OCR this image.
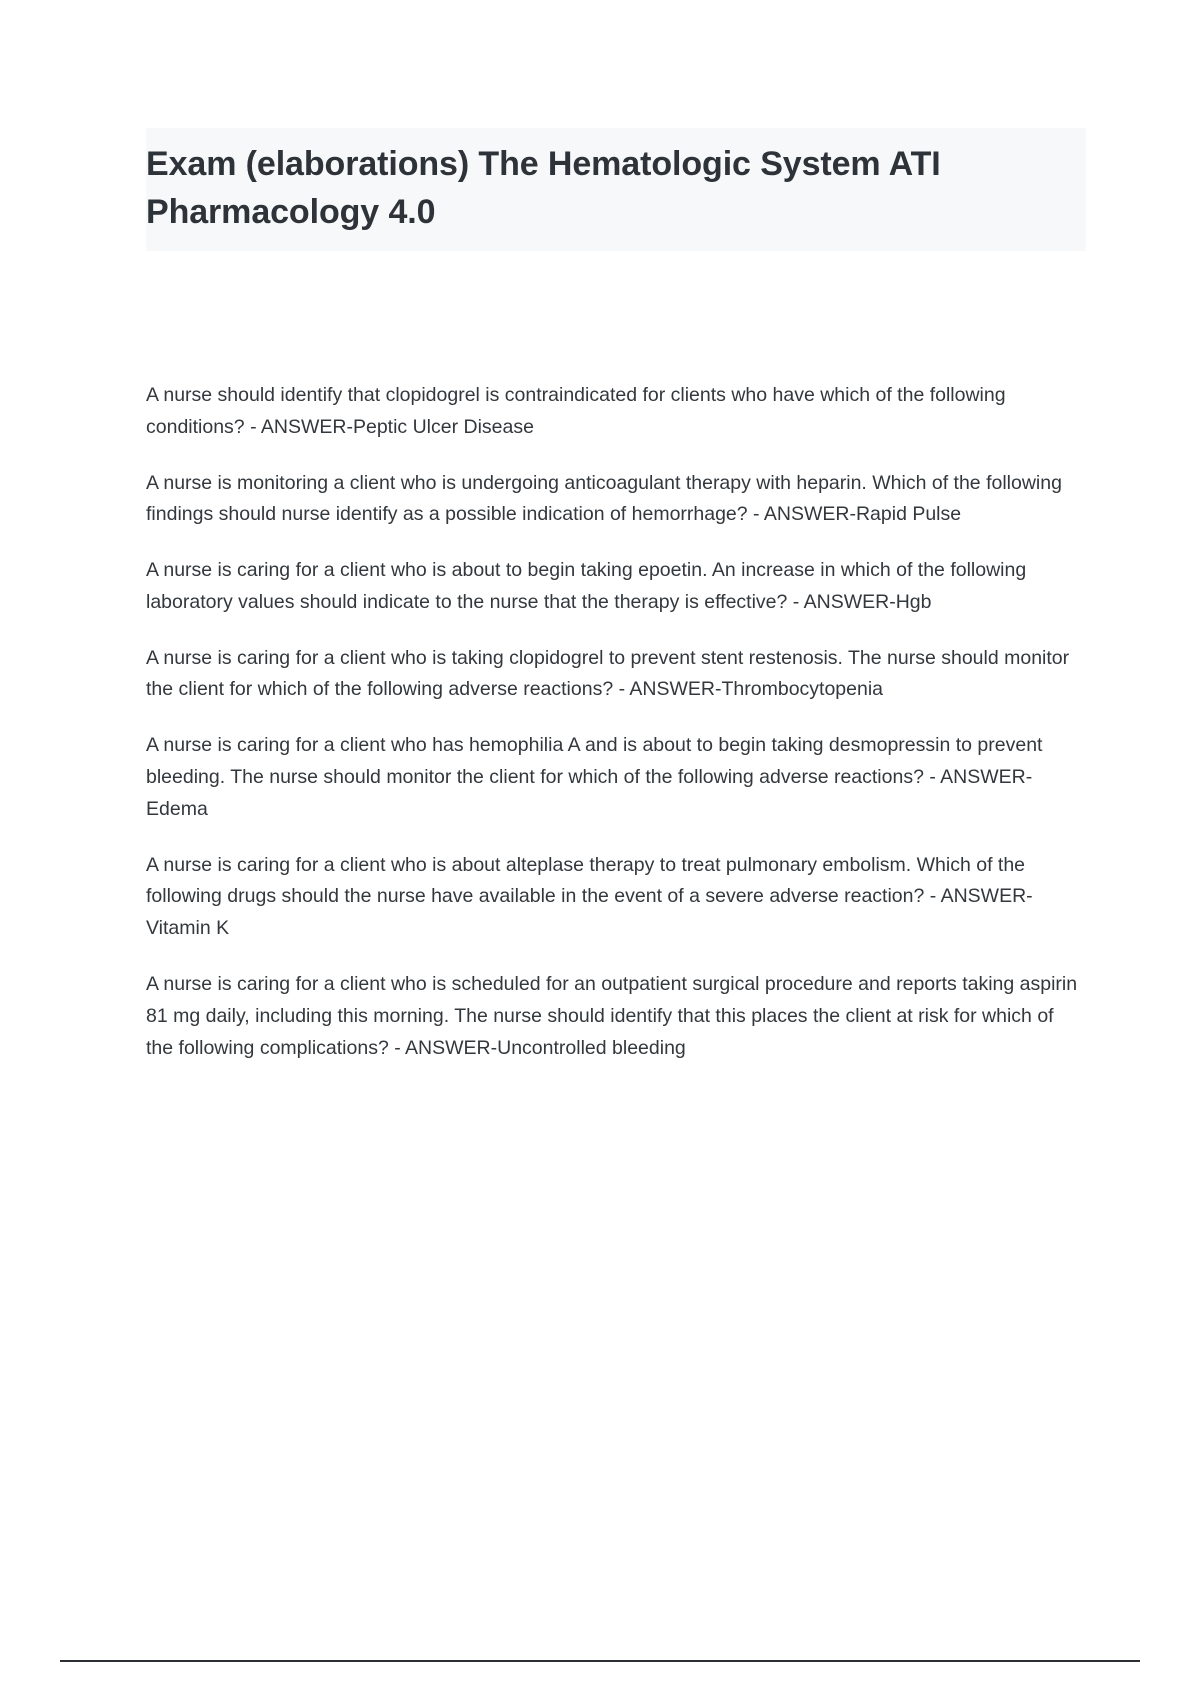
Exam (elaborations) The Hematologic System ATI Pharmacology 4.0

A nurse should identify that clopidogrel is contraindicated for clients who have which of the following conditions? - ANSWER-Peptic Ulcer Disease

A nurse is monitoring a client who is undergoing anticoagulant therapy with heparin. Which of the following findings should nurse identify as a possible indication of hemorrhage? - ANSWER-Rapid Pulse

A nurse is caring for a client who is about to begin taking epoetin. An increase in which of the following laboratory values should indicate to the nurse that the therapy is effective? - ANSWER-Hgb

A nurse is caring for a client who is taking clopidogrel to prevent stent restenosis. The nurse should monitor the client for which of the following adverse reactions? - ANSWER-Thrombocytopenia

A nurse is caring for a client who has hemophilia A and is about to begin taking desmopressin to prevent bleeding. The nurse should monitor the client for which of the following adverse reactions? - ANSWER-Edema

A nurse is caring for a client who is about alteplase therapy to treat pulmonary embolism. Which of the following drugs should the nurse have available in the event of a severe adverse reaction? - ANSWER-Vitamin K

A nurse is caring for a client who is scheduled for an outpatient surgical procedure and reports taking aspirin 81 mg daily, including this morning. The nurse should identify that this places the client at risk for which of the following complications? - ANSWER-Uncontrolled bleeding
